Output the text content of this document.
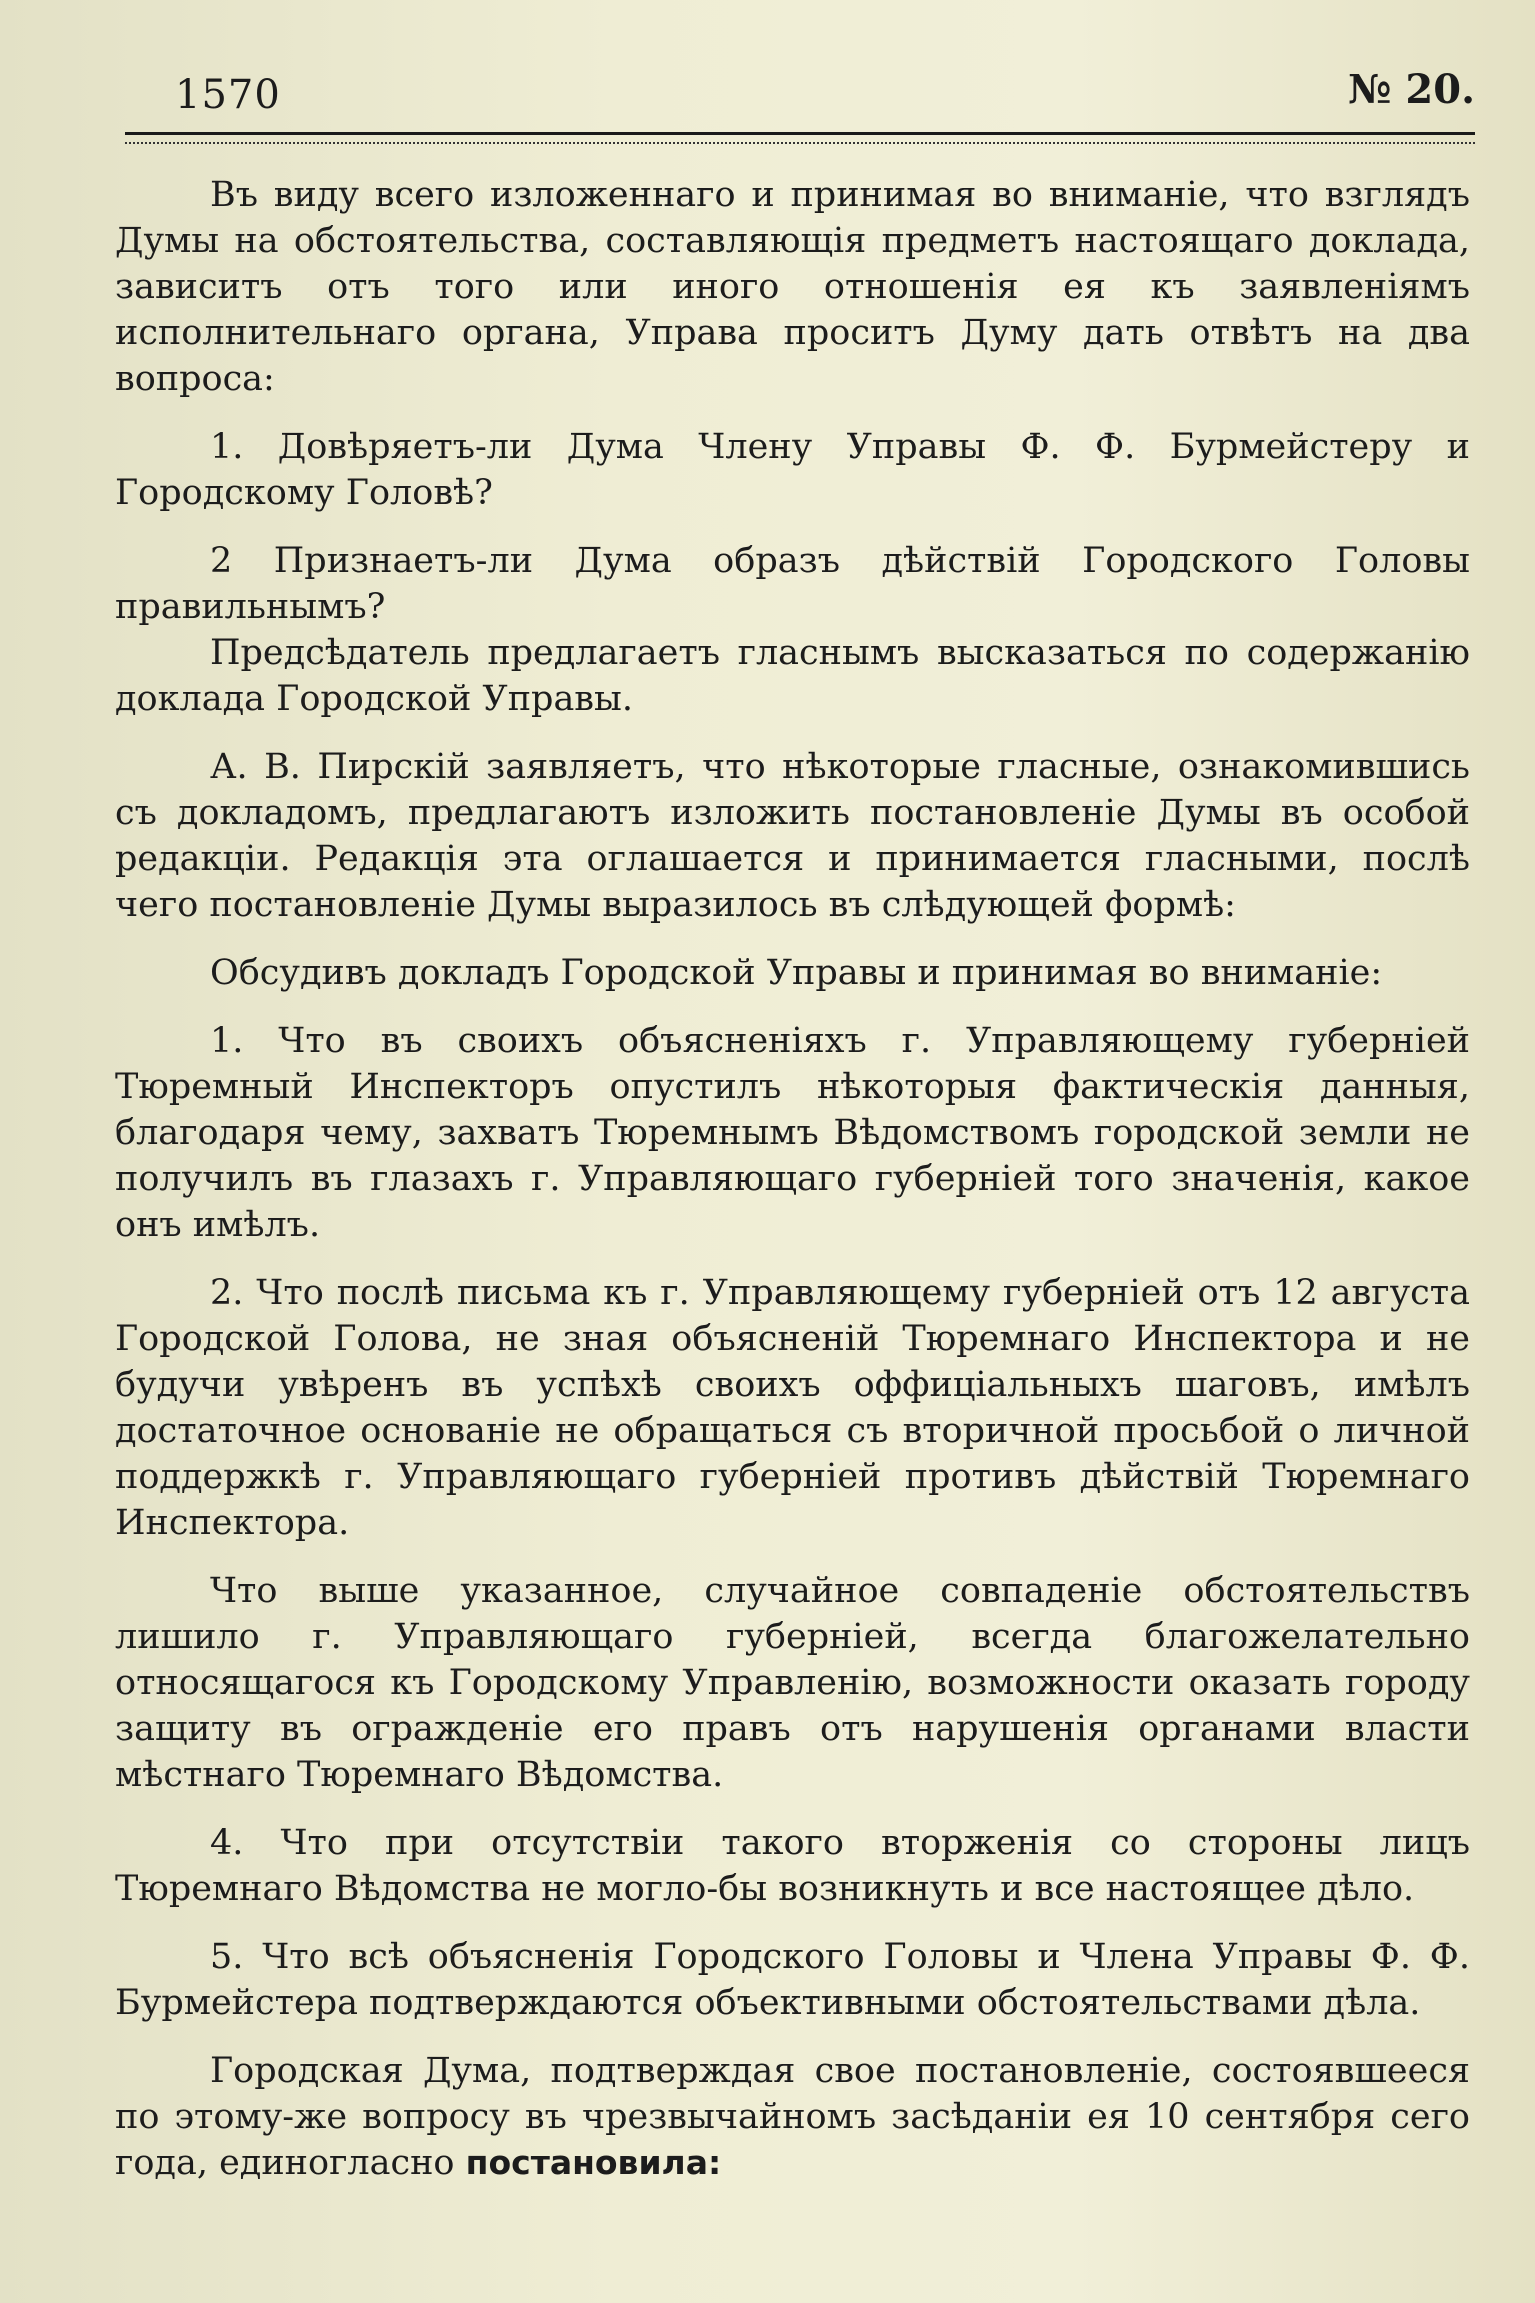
1570	№ 20.

Въ виду всего изложеннаго и принимая во вниманіе, что взглядъ Думы на обстоятельства, составляющія предметъ настоящаго доклада, зависитъ отъ того или иного отношенія ея къ заявленіямъ исполнительнаго органа, Управа проситъ Думу дать отвѣтъ на два вопроса:

1. Довѣряетъ-ли Дума Члену Управы Ф. Ф. Бурмейстеру и Городскому Головѣ?

2 Признаетъ-ли Дума образъ дѣйствій Городского Головы правильнымъ?

Предсѣдатель предлагаетъ гласнымъ высказаться по содержанію доклада Городской Управы.

А. В. Пирскій заявляетъ, что нѣкоторые гласные, ознакомившись съ докладомъ, предлагаютъ изложить постановленіе Думы въ особой редакціи. Редакція эта оглашается и принимается гласными, послѣ чего постановленіе Думы выразилось въ слѣдующей формѣ:

Обсудивъ докладъ Городской Управы и принимая во вниманіе:

1. Что въ своихъ объясненіяхъ г. Управляющему губерніей Тюремный Инспекторъ опустилъ нѣкоторыя фактическія данныя, благодаря чему, захватъ Тюремнымъ Вѣдомствомъ городской земли не получилъ въ глазахъ г. Управляющаго губерніей того значенія, какое онъ имѣлъ.

2. Что послѣ письма къ г. Управляющему губерніей отъ 12 августа Городской Голова, не зная объясненій Тюремнаго Инспектора и не будучи увѣренъ въ успѣхѣ своихъ оффиціальныхъ шаговъ, имѣлъ достаточное основаніе не обращаться съ вторичной просьбой о личной поддержкѣ г. Управляющаго губерніей противъ дѣйствій Тюремнаго Инспектора.

Что выше указанное, случайное совпаденіе обстоятельствъ лишило г. Управляющаго губерніей, всегда благожелательно относящагося къ Городскому Управленію, возможности оказать городу защиту въ огражденіе его правъ отъ нарушенія органами власти мѣстнаго Тюремнаго Вѣдомства.

4. Что при отсутствіи такого вторженія со стороны лицъ Тюремнаго Вѣдомства не могло-бы возникнуть и все настоящее дѣло.

5. Что всѣ объясненія Городского Головы и Члена Управы Ф. Ф. Бурмейстера подтверждаются объективными обстоятельствами дѣла.

Городская Дума, подтверждая свое постановленіе, состоявшееся по этому-же вопросу въ чрезвычайномъ засѣданіи ея 10 сентября сего года, единогласно постановила:
